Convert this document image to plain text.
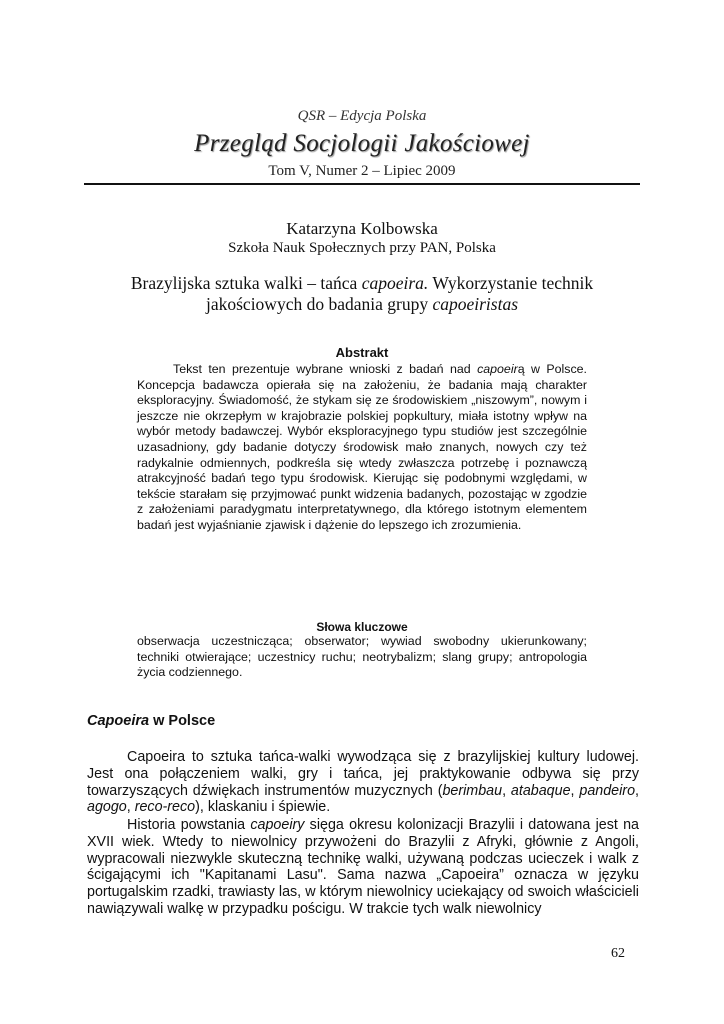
QSR – Edycja Polska
Przegląd Socjologii Jakościowej
Tom V, Numer 2 – Lipiec 2009
Katarzyna Kolbowska
Szkoła Nauk Społecznych przy PAN, Polska
Brazylijska sztuka walki – tańca capoeira. Wykorzystanie technik jakościowych do badania grupy capoeiristas
Abstrakt
Tekst ten prezentuje wybrane wnioski z badań nad capoeirą w Polsce. Koncepcja badawcza opierała się na założeniu, że badania mają charakter eksploracyjny. Świadomość, że stykam się ze środowiskiem „niszowym”, nowym i jeszcze nie okrzepłym w krajobrazie polskiej popkultury, miała istotny wpływ na wybór metody badawczej. Wybór eksploracyjnego typu studiów jest szczególnie uzasadniony, gdy badanie dotyczy środowisk mało znanych, nowych czy też radykalnie odmiennych, podkreśla się wtedy zwłaszcza potrzebę i poznawczą atrakcyjność badań tego typu środowisk. Kierując się podobnymi względami, w tekście starałam się przyjmować punkt widzenia badanych, pozostając w zgodzie z założeniami paradygmatu interpretatywnego, dla którego istotnym elementem badań jest wyjaśnianie zjawisk i dążenie do lepszego ich zrozumienia.
Słowa kluczowe
obserwacja uczestnicząca; obserwator; wywiad swobodny ukierunkowany; techniki otwierające; uczestnicy ruchu; neotrybalizm; slang grupy; antropologia życia codziennego.
Capoeira w Polsce
Capoeira to sztuka tańca-walki wywodząca się z brazylijskiej kultury ludowej. Jest ona połączeniem walki, gry i tańca, jej praktykowanie odbywa się przy towarzyszących dźwiękach instrumentów muzycznych (berimbau, atabaque, pandeiro, agogo, reco-reco), klaskaniu i śpiewie.
Historia powstania capoeiry sięga okresu kolonizacji Brazylii i datowana jest na XVII wiek. Wtedy to niewolnicy przywożeni do Brazylii z Afryki, głównie z Angoli, wypracowali niezwykle skuteczną technikę walki, używaną podczas ucieczek i walk z ścigającymi ich "Kapitanami Lasu". Sama nazwa „Capoeira” oznacza w języku portugalskim rzadki, trawiasty las, w którym niewolnicy uciekający od swoich właścicieli nawiązywali walkę w przypadku pościgu. W trakcie tych walk niewolnicy
62
